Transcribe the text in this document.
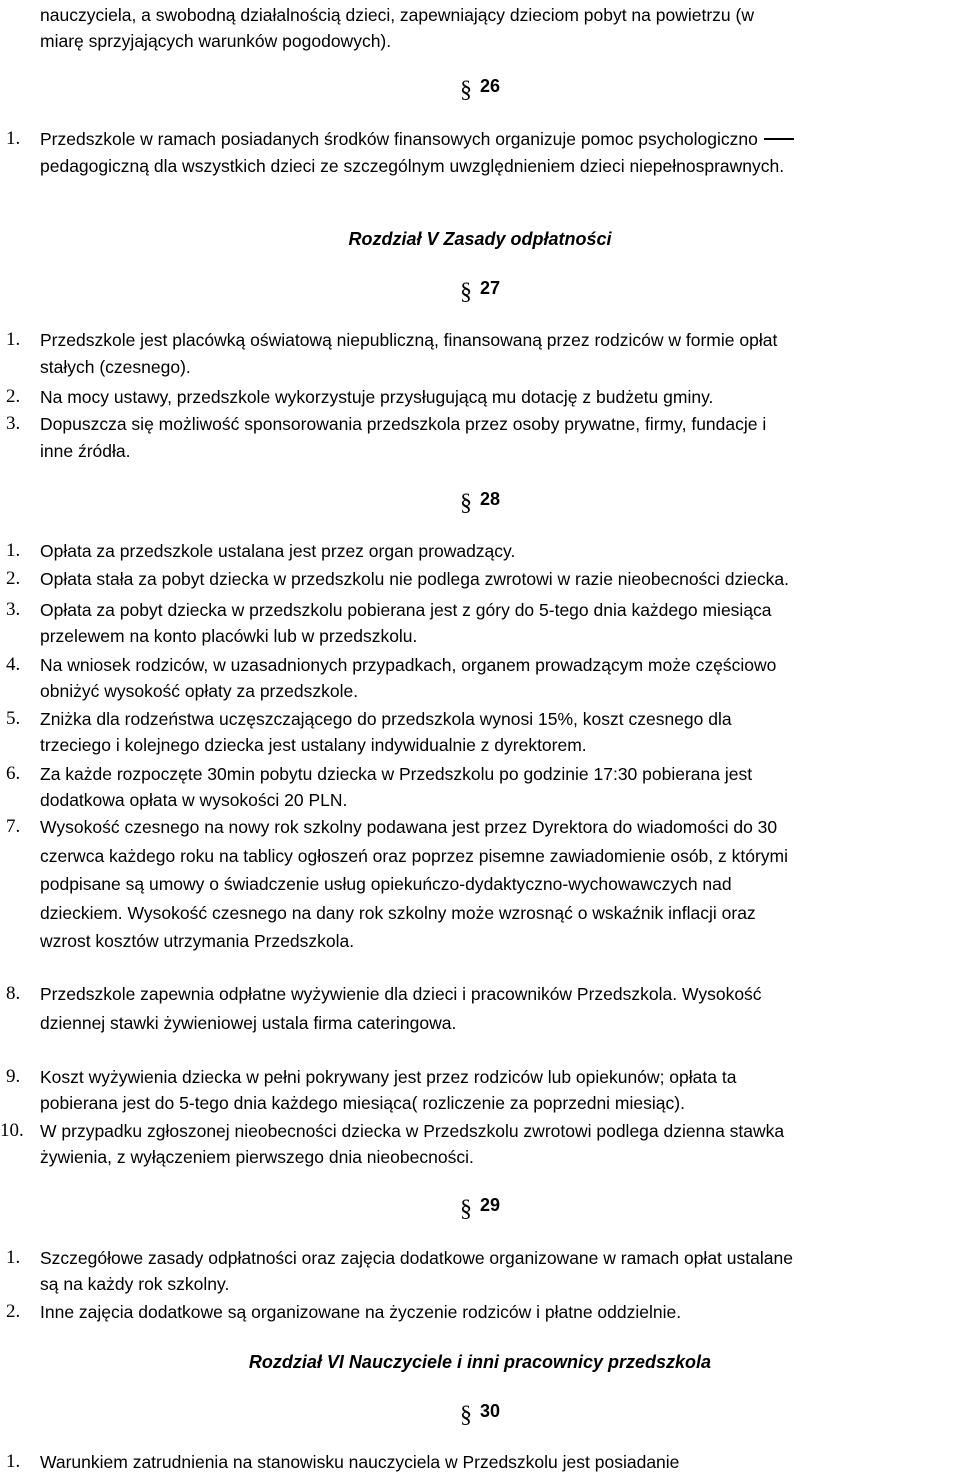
nauczyciela, a swobodną działalnością dzieci, zapewniający dzieciom pobyt na powietrzu (w
miarę sprzyjających warunków pogodowych).
§ 26
1. Przedszkole w ramach posiadanych środków finansowych organizuje pomoc psychologiczno
pedagogiczną dla wszystkich dzieci ze szczególnym uwzględnieniem dzieci niepełnosprawnych.
Rozdział V Zasady odpłatności
§ 27
1. Przedszkole jest placówką oświatową niepubliczną, finansowaną przez rodziców w formie opłat
stałych (czesnego).
2. Na mocy ustawy, przedszkole wykorzystuje przysługującą mu dotację z budżetu gminy.
3. Dopuszcza się możliwość sponsorowania przedszkola przez osoby prywatne, firmy, fundacje i
inne źródła.
§ 28
1. Opłata za przedszkole ustalana jest przez organ prowadzący.
2. Opłata stała za pobyt dziecka w przedszkolu nie podlega zwrotowi w razie nieobecności dziecka.
3. Opłata za pobyt dziecka w przedszkolu pobierana jest z góry do 5-tego dnia każdego miesiąca
przelewem na konto placówki lub w przedszkolu.
4. Na wniosek rodziców, w uzasadnionych przypadkach, organem prowadzącym może częściowo
obniżyć wysokość opłaty za przedszkole.
5. Zniżka dla rodzeństwa uczęszczającego do przedszkola wynosi 15%, koszt czesnego dla
trzeciego i kolejnego dziecka jest ustalany indywidualnie z dyrektorem.
6. Za każde rozpoczęte 30min pobytu dziecka w Przedszkolu po godzinie 17:30 pobierana jest
dodatkowa opłata w wysokości 20 PLN.
7. Wysokość czesnego na nowy rok szkolny podawana jest przez Dyrektora do wiadomości do 30
czerwca każdego roku na tablicy ogłoszeń oraz poprzez pisemne zawiadomienie osób, z którymi
podpisane są umowy o świadczenie usług opiekuńczo-dydaktyczno-wychowawczych nad
dzieckiem. Wysokość czesnego na dany rok szkolny może wzrosnąć o wskaźnik inflacji oraz
wzrost kosztów utrzymania Przedszkola.
8. Przedszkole zapewnia odpłatne wyżywienie dla dzieci i pracowników Przedszkola. Wysokość
dziennej stawki żywieniowej ustala firma cateringowa.
9. Koszt wyżywienia dziecka w pełni pokrywany jest przez rodziców lub opiekunów; opłata ta
pobierana jest do 5-tego dnia każdego miesiąca( rozliczenie za poprzedni miesiąc).
10. W przypadku zgłoszonej nieobecności dziecka w Przedszkolu zwrotowi podlega dzienna stawka
żywienia, z wyłączeniem pierwszego dnia nieobecności.
§ 29
1. Szczegółowe zasady odpłatności oraz zajęcia dodatkowe organizowane w ramach opłat ustalane
są na każdy rok szkolny.
2. Inne zajęcia dodatkowe są organizowane na życzenie rodziców i płatne oddzielnie.
Rozdział VI Nauczyciele i inni pracownicy przedszkola
§ 30
1. Warunkiem zatrudnienia na stanowisku nauczyciela w Przedszkolu jest posiadanie
